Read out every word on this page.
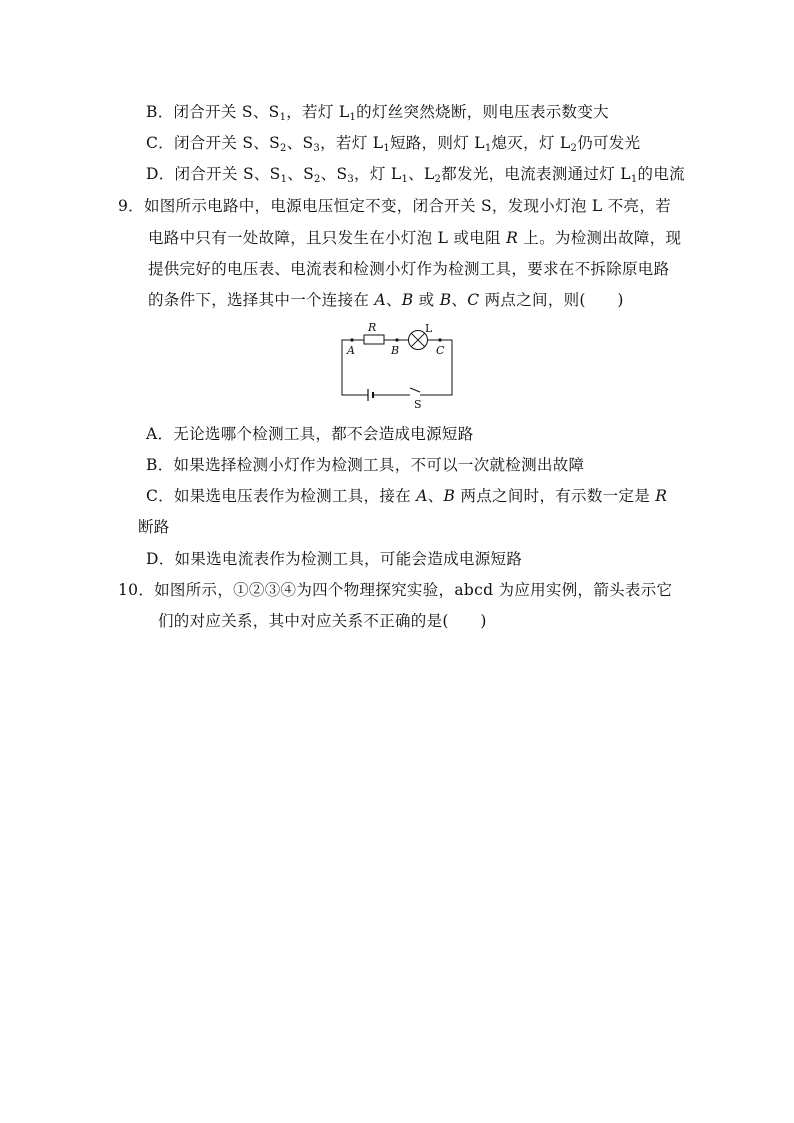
B．闭合开关 S、$S_1$，若灯 $L_1$的灯丝突然烧断，则电压表示数变大
C．闭合开关 S、$S_2$、$S_3$，若灯 $L_1$短路，则灯 $L_1$熄灭，灯 $L_2$仍可发光
D．闭合开关 S、$S_1$、$S_2$、$S_3$，灯 $L_1$、$L_2$都发光，电流表测通过灯 $L_1$的电流
9．如图所示电路中，电源电压恒定不变，闭合开关 S，发现小灯泡 L 不亮，若
电路中只有一处故障，且只发生在小灯泡 L 或电阻 R 上。为检测出故障，现
提供完好的电压表、电流表和检测小灯作为检测工具，要求在不拆除原电路
的条件下，选择其中一个连接在 A、B 或 B、C 两点之间，则(　　)
R	L
A	B	C
S
A．无论选哪个检测工具，都不会造成电源短路
B．如果选择检测小灯作为检测工具，不可以一次就检测出故障
C．如果选电压表作为检测工具，接在 A、B 两点之间时，有示数一定是 R
断路
D．如果选电流表作为检测工具，可能会造成电源短路
10．如图所示，①②③④为四个物理探究实验，abcd 为应用实例，箭头表示它
们的对应关系，其中对应关系不正确的是(　　)
